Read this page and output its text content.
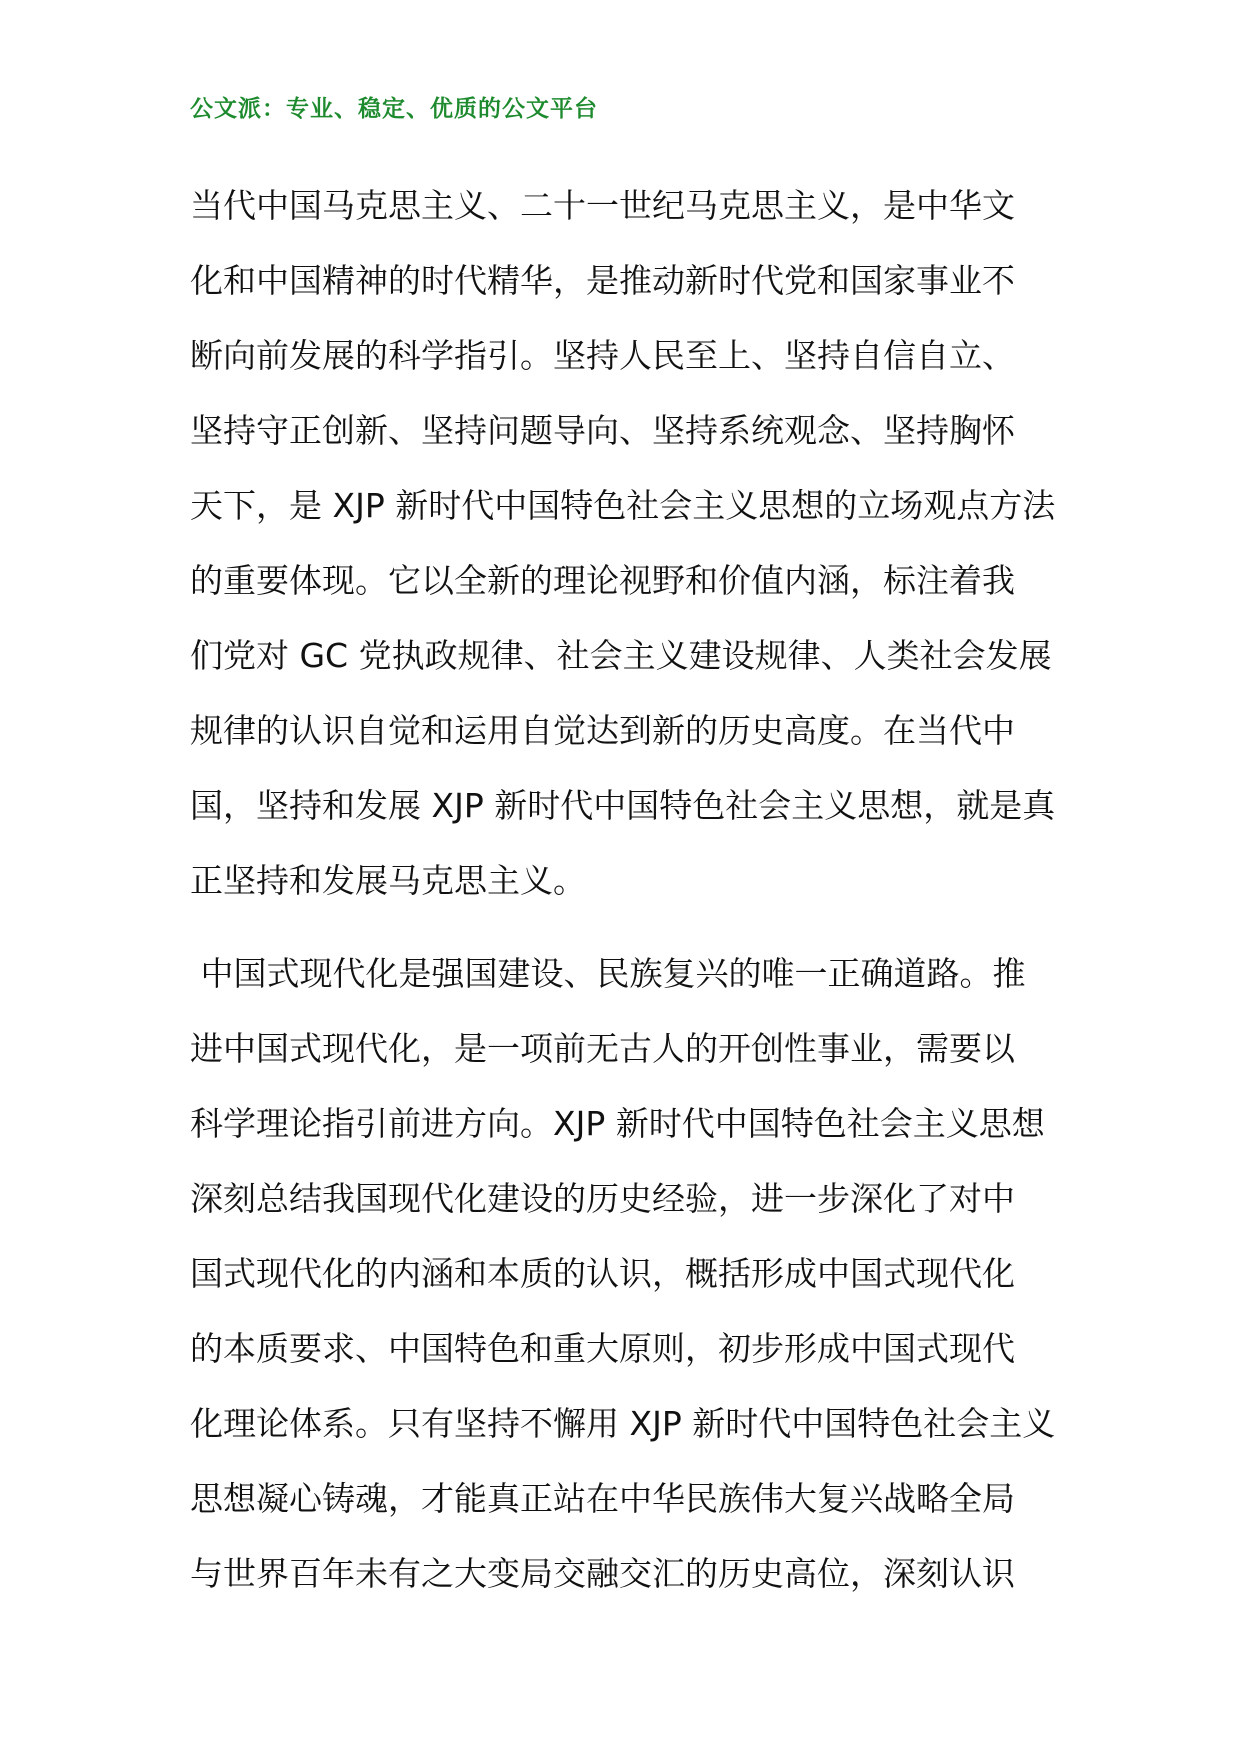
公文派：专业、稳定、优质的公文平台
当代中国马克思主义、二十一世纪马克思主义，是中华文
化和中国精神的时代精华，是推动新时代党和国家事业不
断向前发展的科学指引。坚持人民至上、坚持自信自立、
坚持守正创新、坚持问题导向、坚持系统观念、坚持胸怀
天下，是 XJP 新时代中国特色社会主义思想的立场观点方法
的重要体现。它以全新的理论视野和价值内涵，标注着我
们党对 GC 党执政规律、社会主义建设规律、人类社会发展
规律的认识自觉和运用自觉达到新的历史高度。在当代中
国，坚持和发展 XJP 新时代中国特色社会主义思想，就是真
正坚持和发展马克思主义。
中国式现代化是强国建设、民族复兴的唯一正确道路。推
进中国式现代化，是一项前无古人的开创性事业，需要以
科学理论指引前进方向。XJP 新时代中国特色社会主义思想
深刻总结我国现代化建设的历史经验，进一步深化了对中
国式现代化的内涵和本质的认识，概括形成中国式现代化
的本质要求、中国特色和重大原则，初步形成中国式现代
化理论体系。只有坚持不懈用 XJP 新时代中国特色社会主义
思想凝心铸魂，才能真正站在中华民族伟大复兴战略全局
与世界百年未有之大变局交融交汇的历史高位，深刻认识
